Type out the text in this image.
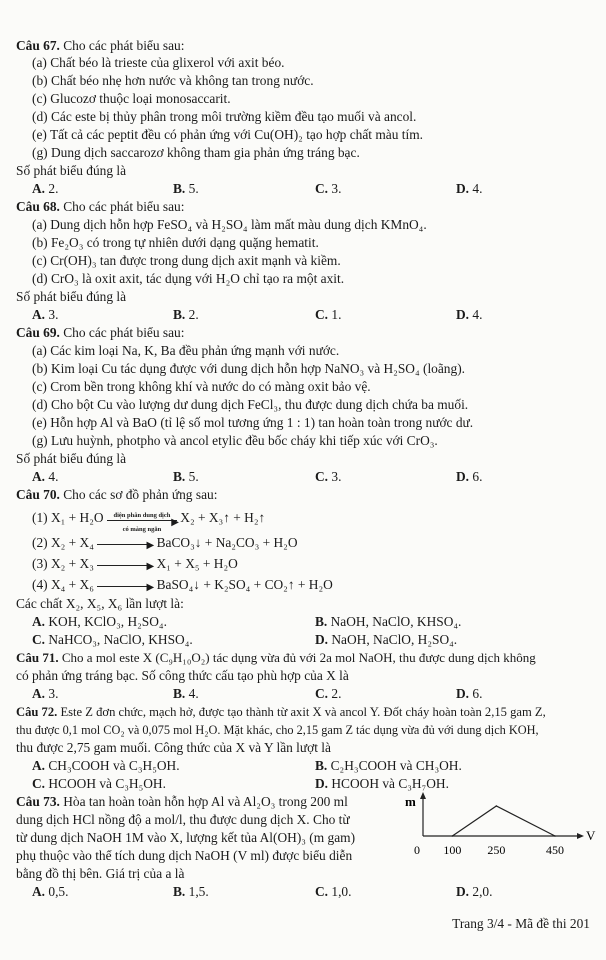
Câu 67. Cho các phát biểu sau:
(a) Chất béo là trieste của glixerol với axit béo.
(b) Chất béo nhẹ hơn nước và không tan trong nước.
(c) Glucozơ thuộc loại monosaccarit.
(d) Các este bị thủy phân trong môi trường kiềm đều tạo muối và ancol.
(e) Tất cả các peptit đều có phản ứng với Cu(OH)₂ tạo hợp chất màu tím.
(g) Dung dịch saccarozơ không tham gia phản ứng tráng bạc.
Số phát biểu đúng là
A. 2.	B. 5.	C. 3.	D. 4.
Câu 68. Cho các phát biểu sau:
(a) Dung dịch hỗn hợp FeSO₄ và H₂SO₄ làm mất màu dung dịch KMnO₄.
(b) Fe₂O₃ có trong tự nhiên dưới dạng quặng hematit.
(c) Cr(OH)₃ tan được trong dung dịch axit mạnh và kiềm.
(d) CrO₃ là oxit axit, tác dụng với H₂O chỉ tạo ra một axit.
Số phát biểu đúng là
A. 3.	B. 2.	C. 1.	D. 4.
Câu 69. Cho các phát biểu sau:
(a) Các kim loại Na, K, Ba đều phản ứng mạnh với nước.
(b) Kim loại Cu tác dụng được với dung dịch hỗn hợp NaNO₃ và H₂SO₄ (loãng).
(c) Crom bền trong không khí và nước do có màng oxit bảo vệ.
(d) Cho bột Cu vào lượng dư dung dịch FeCl₃, thu được dung dịch chứa ba muối.
(e) Hỗn hợp Al và BaO (tỉ lệ số mol tương ứng 1 : 1) tan hoàn toàn trong nước dư.
(g) Lưu huỳnh, photpho và ancol etylic đều bốc cháy khi tiếp xúc với CrO₃.
Số phát biểu đúng là
A. 4.	B. 5.	C. 3.	D. 6.
Câu 70. Cho các sơ đồ phản ứng sau:
(1) X₁ + H₂O	điện phân dung dịch
▶
có màng ngăn
X₂ + X₃↑ + H₂↑
(2) X₂ + X₄	▶ BaCO₃↓ + Na₂CO₃ + H₂O
(3) X₂ + X₃	▶ X₁ + X₅ + H₂O
(4) X₄ + X₆	▶ BaSO₄↓ + K₂SO₄ + CO₂↑ + H₂O
Các chất X₂, X₅, X₆ lần lượt là:
A. KOH, KClO₃, H₂SO₄.	B. NaOH, NaClO, KHSO₄.
C. NaHCO₃, NaClO, KHSO₄.	D. NaOH, NaClO, H₂SO₄.
Câu 71. Cho a mol este X (C₉H₁₀O₂) tác dụng vừa đủ với 2a mol NaOH, thu được dung dịch không
có phản ứng tráng bạc. Số công thức cấu tạo phù hợp của X là
A. 3.	B. 4.	C. 2.	D. 6.
Câu 72. Este Z đơn chức, mạch hở, được tạo thành từ axit X và ancol Y. Đốt cháy hoàn toàn 2,15 gam Z,
thu được 0,1 mol CO₂ và 0,075 mol H₂O. Mặt khác, cho 2,15 gam Z tác dụng vừa đủ với dung dịch KOH,
thu được 2,75 gam muối. Công thức của X và Y lần lượt là
A. CH₃COOH và C₃H₅OH.	B. C₂H₃COOH và CH₃OH.
C. HCOOH và C₃H₅OH.	D. HCOOH và C₃H₇OH.
Câu 73. Hòa tan hoàn toàn hỗn hợp Al và Al₂O₃ trong 200 ml
dung dịch HCl nồng độ a mol/l, thu được dung dịch X. Cho từ
từ dung dịch NaOH 1M vào X, lượng kết tủa Al(OH)₃ (m gam)
phụ thuộc vào thể tích dung dịch NaOH (V ml) được biểu diễn
bằng đồ thị bên. Giá trị của a là
A. 0,5.	B. 1,5.	C. 1,0.	D. 2,0.
m
V
0 100 250	450
Trang 3/4 - Mã đề thi 201
